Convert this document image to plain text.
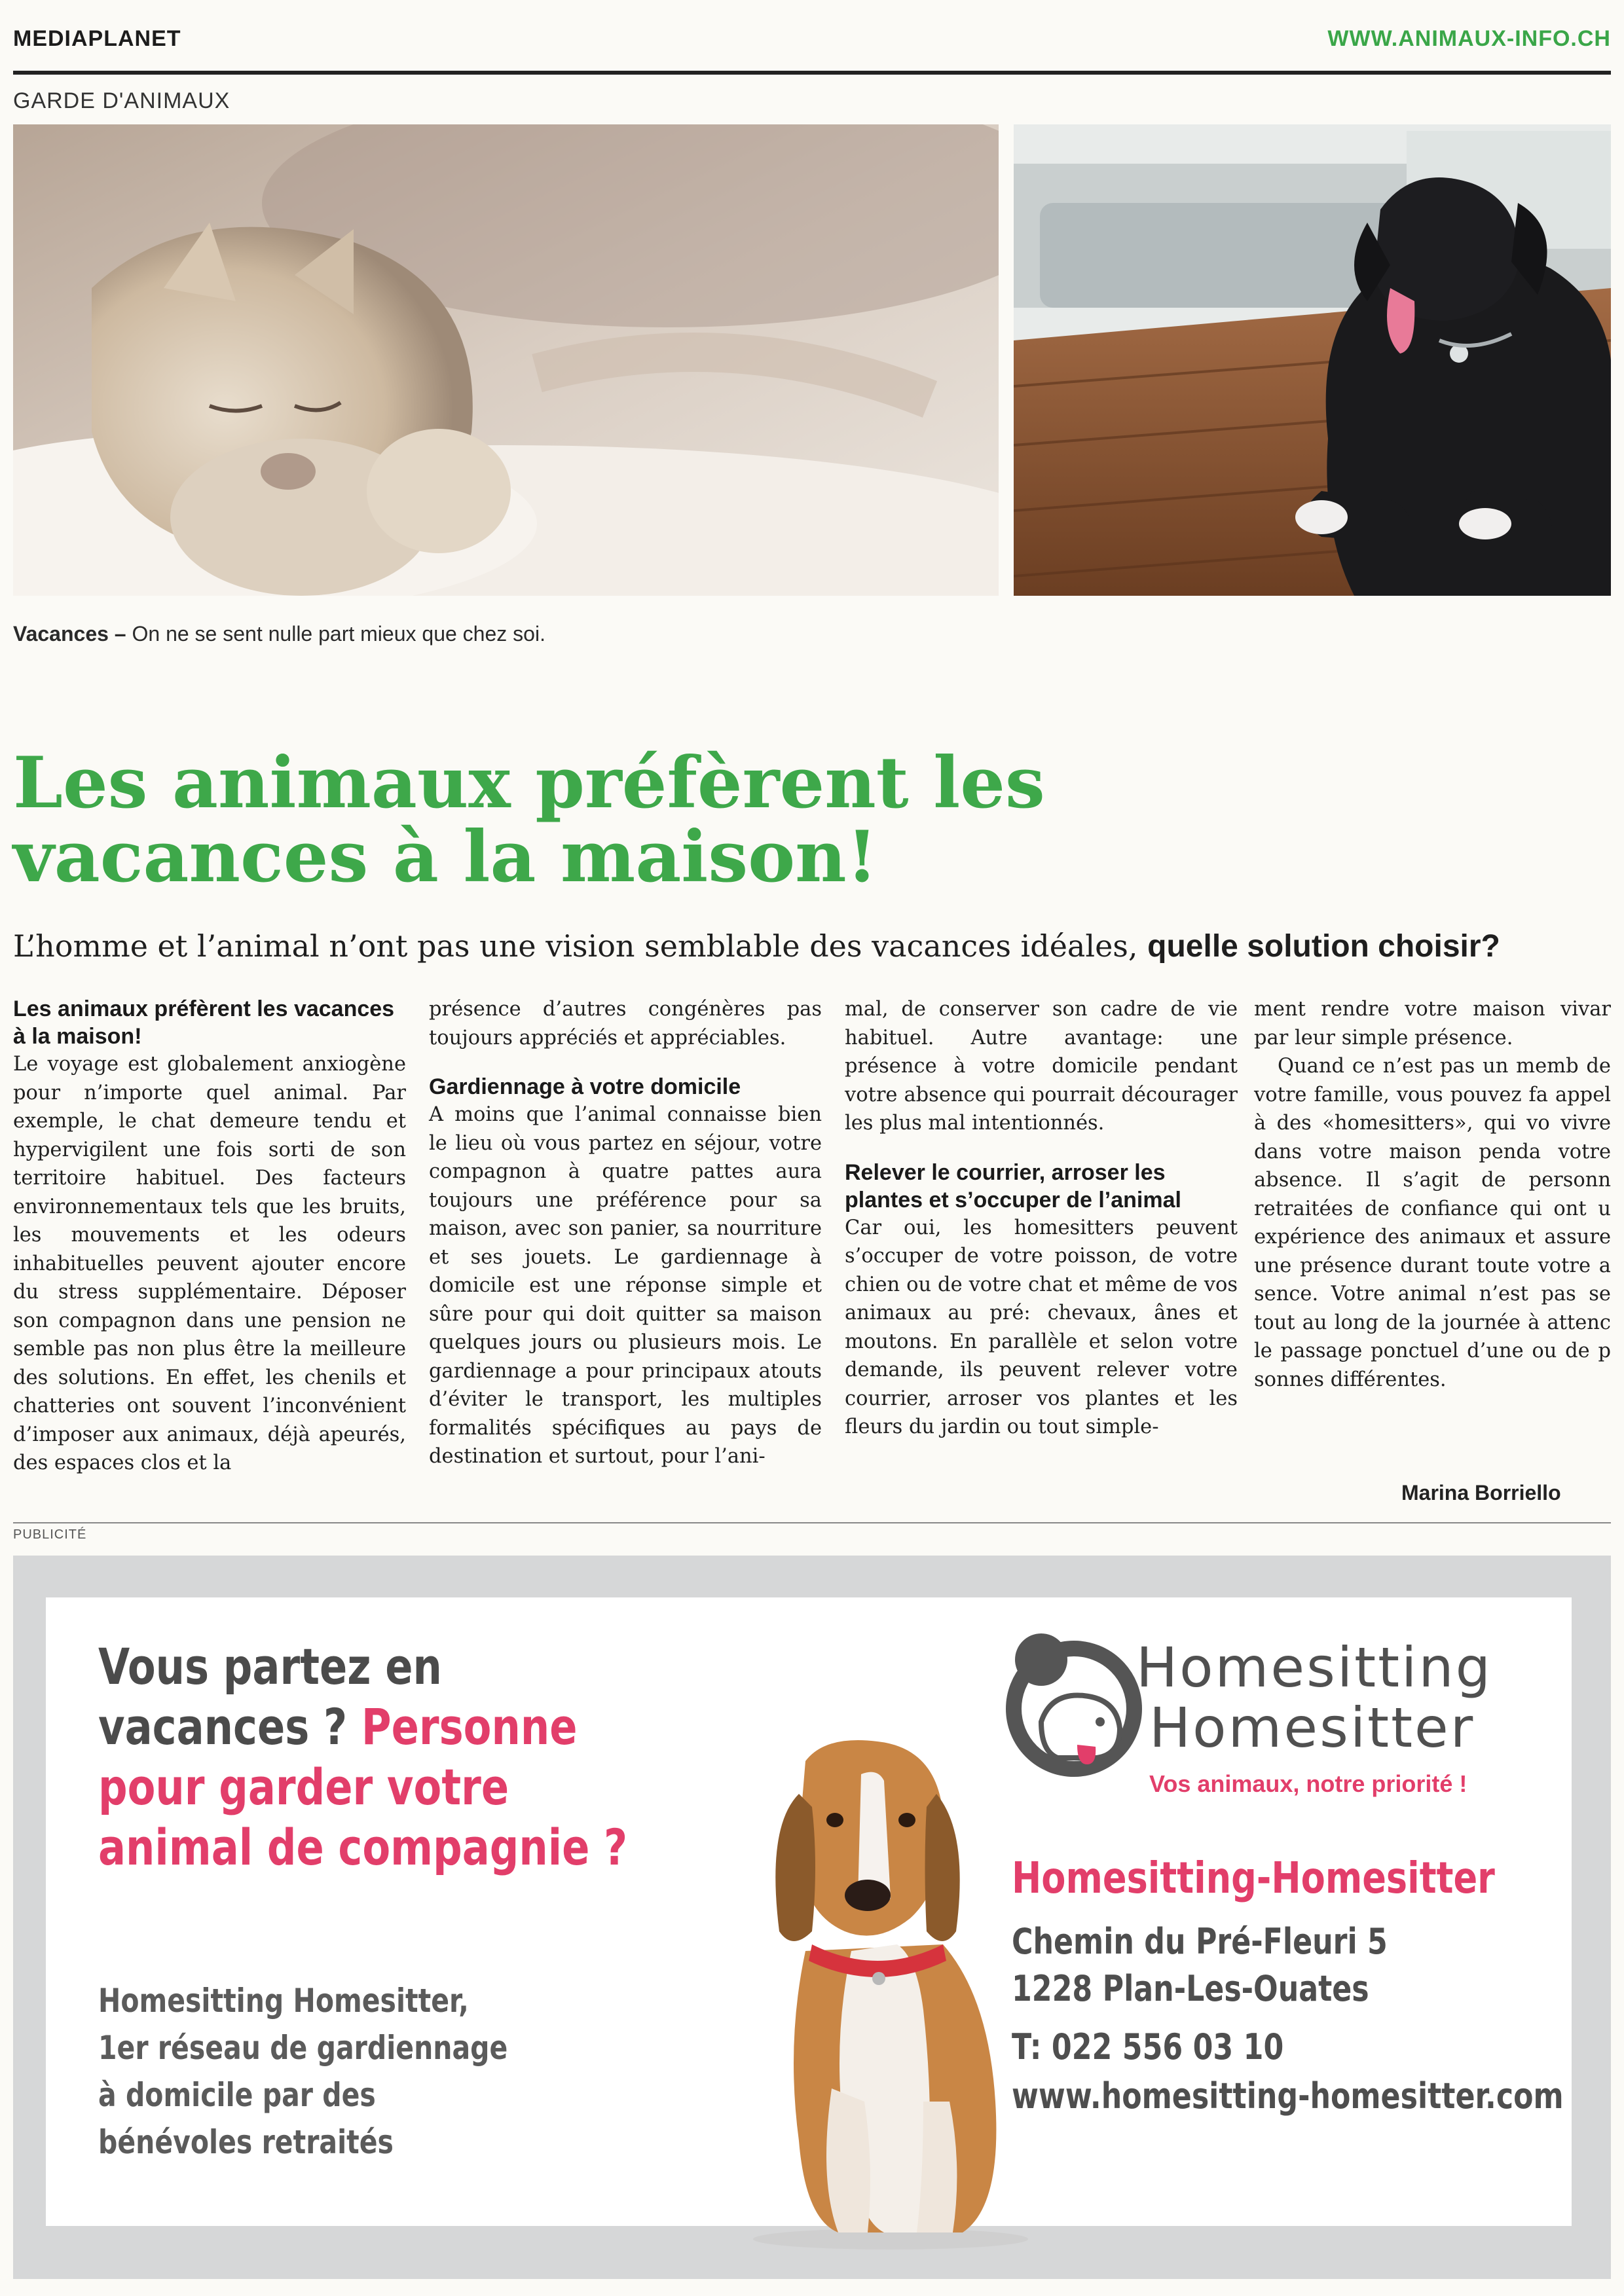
MEDIAPLANET	WWW.ANIMAUX-INFO.CH
GARDE D'ANIMAUX
Vacances – On ne se sent nulle part mieux que chez soi.
Les animaux préfèrent les
vacances à la maison!
L’homme et l’animal n’ont pas une vision semblable des vacances idéales, quelle solution choisir?
Les animaux préfèrent les vacances à la maison!

Le voyage est globalement anxiogène pour n’importe quel animal. Par exemple, le chat demeure tendu et hypervigilent une fois sorti de son territoire habituel. Des facteurs environnementaux tels que les bruits, les mouvements et les odeurs inhabituelles peuvent ajouter encore du stress supplémentaire. Déposer son compagnon dans une pension ne semble pas non plus être la meilleure des solutions. En effet, les chenils et chatteries ont souvent l’inconvénient d’imposer aux animaux, déjà apeurés, des espaces clos et la

présence d’autres congénères pas toujours appréciés et appréciables.

Gardiennage à votre domicile

A moins que l’animal connaisse bien le lieu où vous partez en séjour, votre compagnon à quatre pattes aura toujours une préférence pour sa maison, avec son panier, sa nourriture et ses jouets. Le gardiennage à domicile est une réponse simple et sûre pour qui doit quitter sa maison quelques jours ou plusieurs mois. Le gardiennage a pour principaux atouts d’éviter le transport, les multiples formalités spécifiques au pays de destination et surtout, pour l’ani-

mal, de conserver son cadre de vie habituel. Autre avantage: une présence à votre domicile pendant votre absence qui pourrait décourager les plus mal intentionnés.

Relever le courrier, arroser les plantes et s’occuper de l’animal

Car oui, les homesitters peuvent s’occuper de votre poisson, de votre chien ou de votre chat et même de vos animaux au pré: chevaux, ânes et moutons. En parallèle et selon votre demande, ils peuvent relever votre courrier, arroser vos plantes et les fleurs du jardin ou tout simple-

ment rendre votre maison vivar par leur simple présence.

Quand ce n’est pas un memb de votre famille, vous pouvez fa appel à des «homesitters», qui vo vivre dans votre maison penda votre absence. Il s’agit de personn retraitées de confiance qui ont u expérience des animaux et assure une présence durant toute votre a sence. Votre animal n’est pas se tout au long de la journée à attenc le passage ponctuel d’une ou de p sonnes différentes.

Marina Borriello
PUBLICITÉ
Vous partez en
vacances ? Personne
pour garder votre
animal de compagnie ?
Homesitting Homesitter,
1er réseau de gardiennage
à domicile par des
bénévoles retraités
Homesitting
Homesitter
Vos animaux, notre priorité !
Homesitting-Homesitter
Chemin du Pré-Fleuri 5
1228 Plan-Les-Ouates
T: 022 556 03 10
www.homesitting-homesitter.com
